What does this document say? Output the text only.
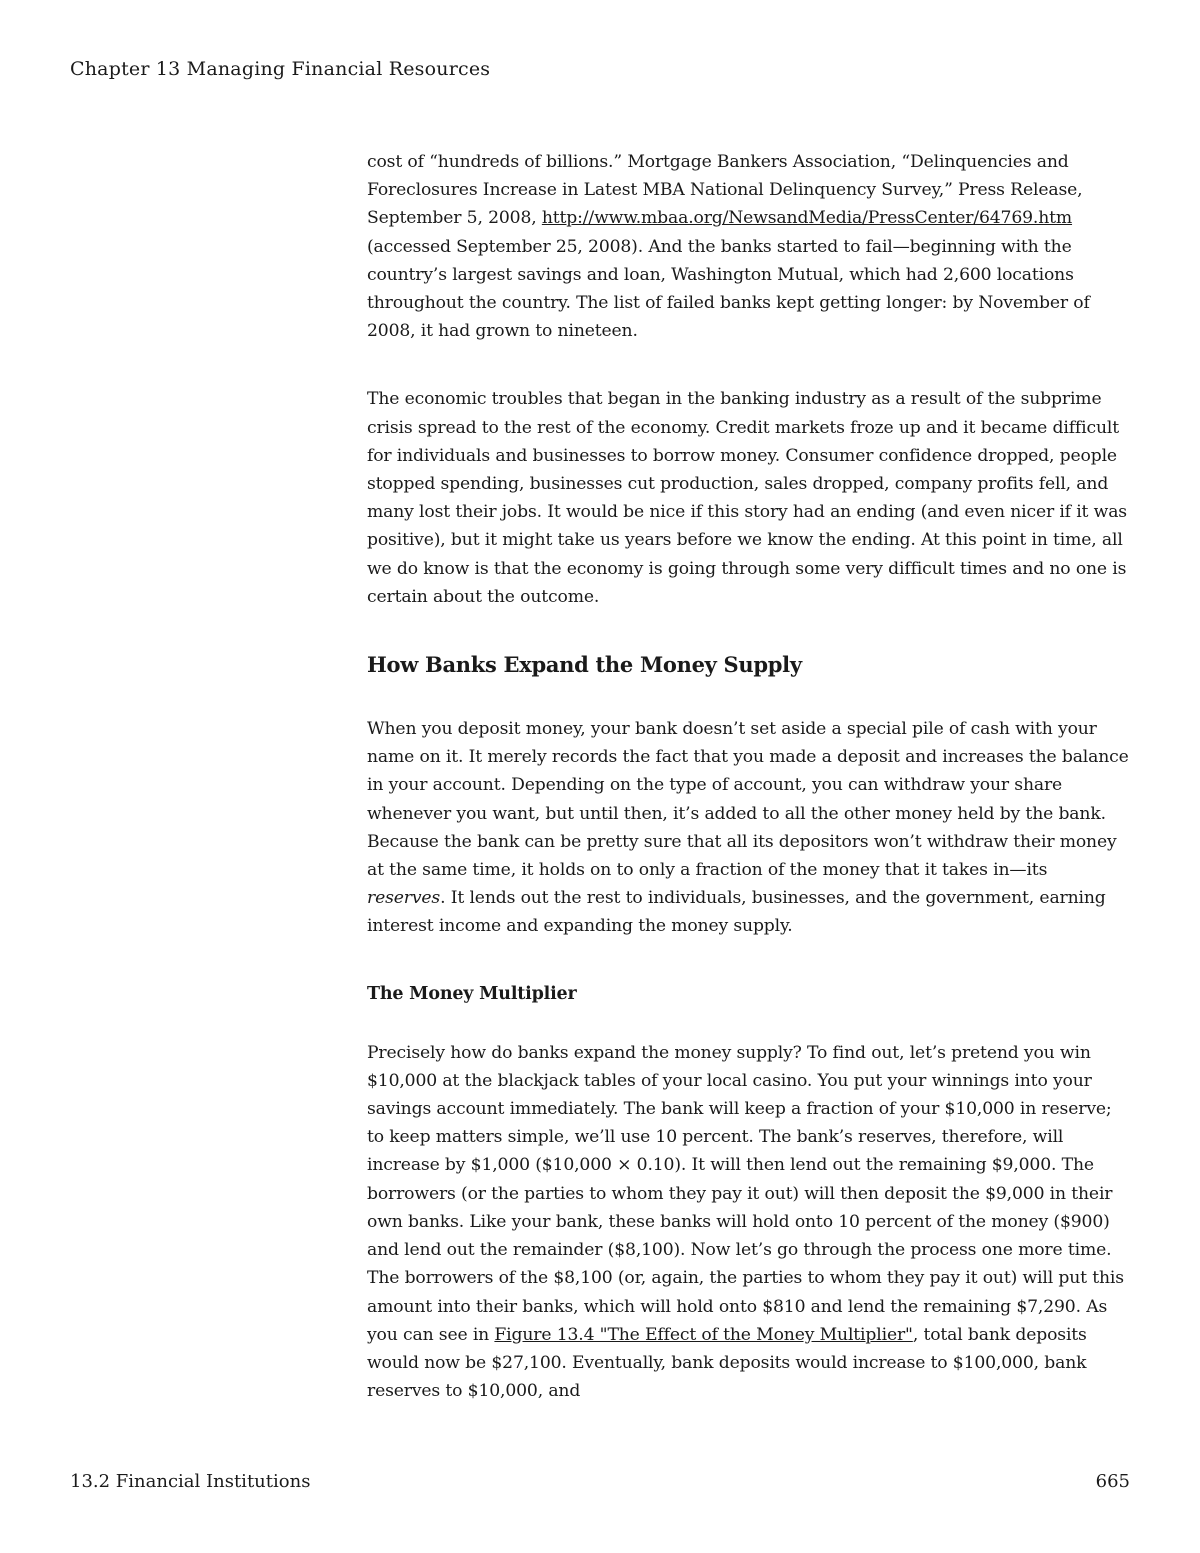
Chapter 13 Managing Financial Resources

cost of “hundreds of billions.” Mortgage Bankers Association, “Delinquencies and Foreclosures Increase in Latest MBA National Delinquency Survey,” Press Release, September 5, 2008, http://www.mbaa.org/NewsandMedia/PressCenter/64769.htm (accessed September 25, 2008). And the banks started to fail—beginning with the country’s largest savings and loan, Washington Mutual, which had 2,600 locations throughout the country. The list of failed banks kept getting longer: by November of 2008, it had grown to nineteen.

The economic troubles that began in the banking industry as a result of the subprime crisis spread to the rest of the economy. Credit markets froze up and it became difficult for individuals and businesses to borrow money. Consumer confidence dropped, people stopped spending, businesses cut production, sales dropped, company profits fell, and many lost their jobs. It would be nice if this story had an ending (and even nicer if it was positive), but it might take us years before we know the ending. At this point in time, all we do know is that the economy is going through some very difficult times and no one is certain about the outcome.

How Banks Expand the Money Supply

When you deposit money, your bank doesn’t set aside a special pile of cash with your name on it. It merely records the fact that you made a deposit and increases the balance in your account. Depending on the type of account, you can withdraw your share whenever you want, but until then, it’s added to all the other money held by the bank. Because the bank can be pretty sure that all its depositors won’t withdraw their money at the same time, it holds on to only a fraction of the money that it takes in—its reserves. It lends out the rest to individuals, businesses, and the government, earning interest income and expanding the money supply.

The Money Multiplier

Precisely how do banks expand the money supply? To find out, let’s pretend you win $10,000 at the blackjack tables of your local casino. You put your winnings into your savings account immediately. The bank will keep a fraction of your $10,000 in reserve; to keep matters simple, we’ll use 10 percent. The bank’s reserves, therefore, will increase by $1,000 ($10,000 × 0.10). It will then lend out the remaining $9,000. The borrowers (or the parties to whom they pay it out) will then deposit the $9,000 in their own banks. Like your bank, these banks will hold onto 10 percent of the money ($900) and lend out the remainder ($8,100). Now let’s go through the process one more time. The borrowers of the $8,100 (or, again, the parties to whom they pay it out) will put this amount into their banks, which will hold onto $810 and lend the remaining $7,290. As you can see in Figure 13.4 "The Effect of the Money Multiplier", total bank deposits would now be $27,100. Eventually, bank deposits would increase to $100,000, bank reserves to $10,000, and

13.2 Financial Institutions	665
